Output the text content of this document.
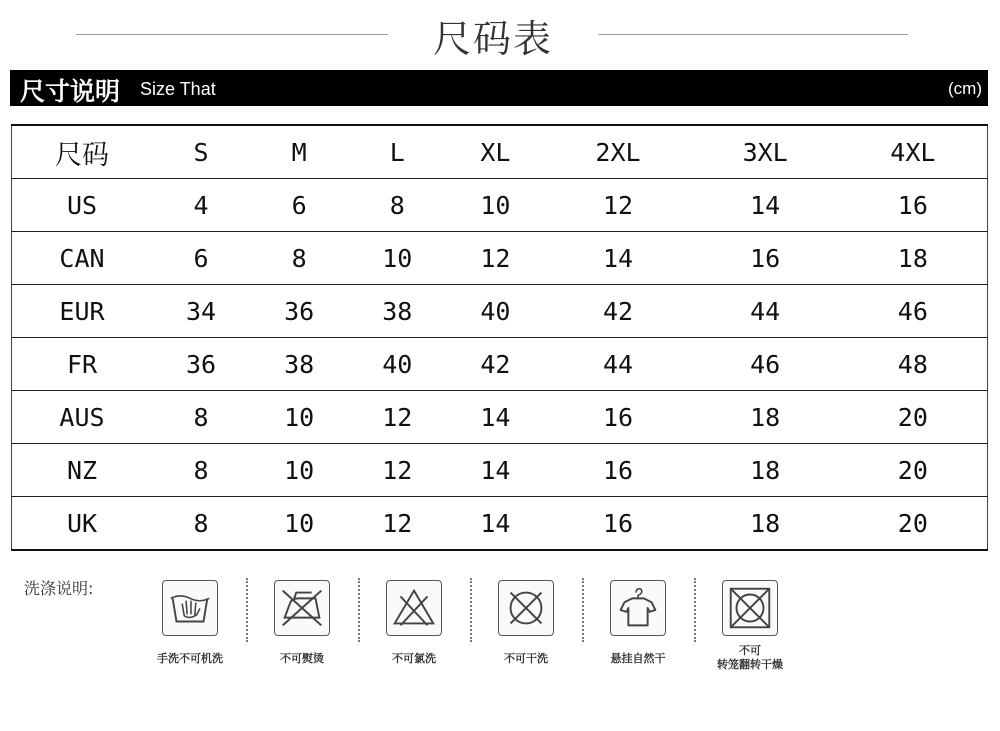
尺码表
尺寸说明 Size That	(cm)
尺码	S	M	L	XL	2XL	3XL	4XL
US	4	6	8	10	12	14	16
CAN	6	8	10	12	14	16	18
EUR	34	36	38	40	42	44	46
FR	36	38	40	42	44	46	48
AUS	8	10	12	14	16	18	20
NZ	8	10	12	14	16	18	20
UK	8	10	12	14	16	18	20
洗涤说明:
手洗不可机洗	不可熨烫	不可氯洗	不可干洗	悬挂自然干
不可
转笼翻转干燥
